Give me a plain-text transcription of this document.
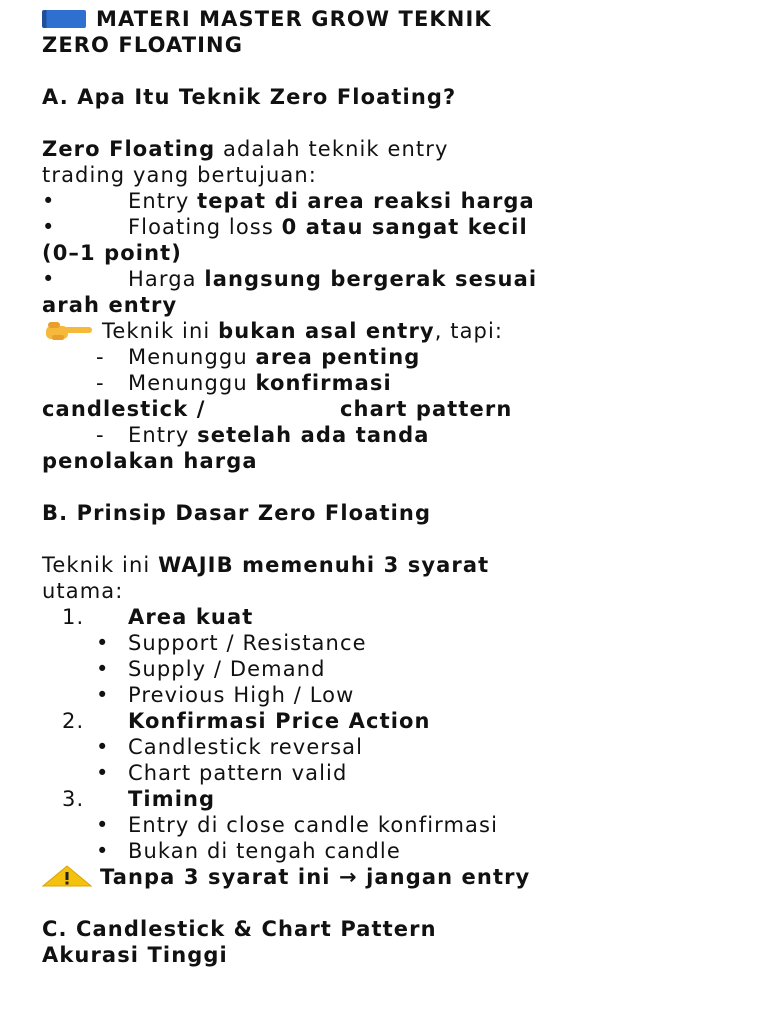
MATERI MASTER GROW TEKNIK
ZERO FLOATING
A. Apa Itu Teknik Zero Floating?
Zero Floating adalah teknik entry
trading yang bertujuan:
•	Entry tepat di area reaksi harga
•	Floating loss 0 atau sangat kecil
(0–1 point)
•	Harga langsung bergerak sesuai
arah entry
Teknik ini bukan asal entry, tapi:
- Menunggu area penting
- Menunggu konfirmasi
candlestick /	chart pattern
- Entry setelah ada tanda
penolakan harga
B. Prinsip Dasar Zero Floating
Teknik ini WAJIB memenuhi 3 syarat
utama:
1. Area kuat
• Support / Resistance
• Supply / Demand
• Previous High / Low
2. Konfirmasi Price Action
• Candlestick reversal
• Chart pattern valid
3. Timing
• Entry di close candle konfirmasi
• Bukan di tengah candle
Tanpa 3 syarat ini → jangan entry
C. Candlestick & Chart Pattern
Akurasi Tinggi
